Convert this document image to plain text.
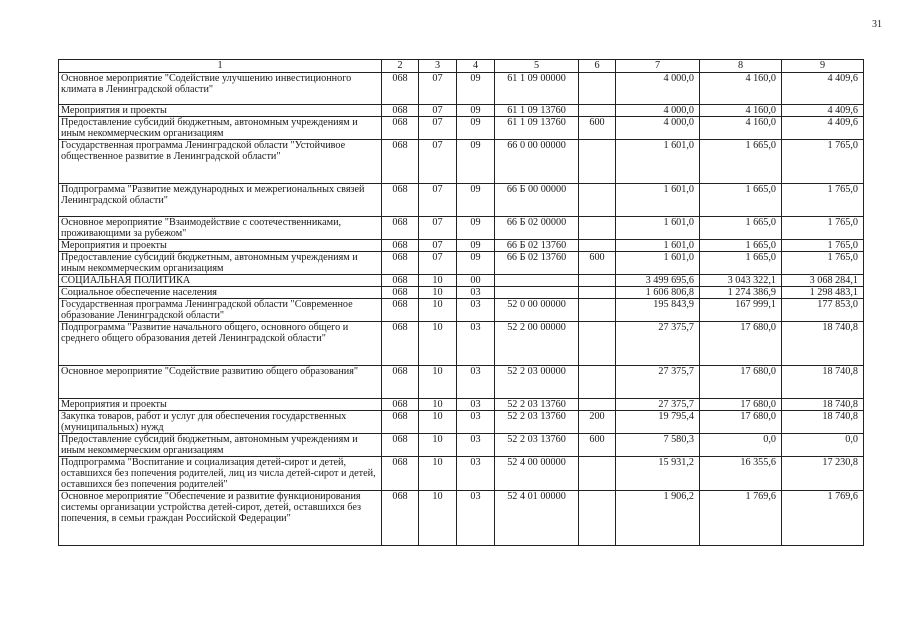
31
1	2	3	4	5	6	7	8	9
Основное мероприятие "Содействие улучшению инвестиционного климата в Ленинградской области"	068	07	09	61 1 09 00000		4 000,0	4 160,0	4 409,6
Мероприятия и проекты	068	07	09	61 1 09 13760		4 000,0	4 160,0	4 409,6
Предоставление субсидий бюджетным, автономным учреждениям и иным некоммерческим организациям	068	07	09	61 1 09 13760	600	4 000,0	4 160,0	4 409,6
Государственная программа Ленинградской области "Устойчивое общественное развитие в Ленинградской области"	068	07	09	66 0 00 00000		1 601,0	1 665,0	1 765,0
Подпрограмма "Развитие международных и межрегиональных связей Ленинградской области"	068	07	09	66 Б 00 00000		1 601,0	1 665,0	1 765,0
Основное мероприятие "Взаимодействие с соотечественниками, проживающими за рубежом"	068	07	09	66 Б 02 00000		1 601,0	1 665,0	1 765,0
Мероприятия и проекты	068	07	09	66 Б 02 13760		1 601,0	1 665,0	1 765,0
Предоставление субсидий бюджетным, автономным учреждениям и иным некоммерческим организациям	068	07	09	66 Б 02 13760	600	1 601,0	1 665,0	1 765,0
СОЦИАЛЬНАЯ ПОЛИТИКА	068	10	00			3 499 695,6	3 043 322,1	3 068 284,1
Социальное обеспечение населения	068	10	03			1 606 806,8	1 274 386,9	1 298 483,1
Государственная программа Ленинградской области "Современное образование Ленинградской области"	068	10	03	52 0 00 00000		195 843,9	167 999,1	177 853,0
Подпрограмма "Развитие начального общего, основного общего и среднего общего образования детей Ленинградской области"	068	10	03	52 2 00 00000		27 375,7	17 680,0	18 740,8
Основное мероприятие "Содействие развитию общего образования"	068	10	03	52 2 03 00000		27 375,7	17 680,0	18 740,8
Мероприятия и проекты	068	10	03	52 2 03 13760		27 375,7	17 680,0	18 740,8
Закупка товаров, работ и услуг для обеспечения государственных (муниципальных) нужд	068	10	03	52 2 03 13760	200	19 795,4	17 680,0	18 740,8
Предоставление субсидий бюджетным, автономным учреждениям и иным некоммерческим организациям	068	10	03	52 2 03 13760	600	7 580,3	0,0	0,0
Подпрограмма "Воспитание и социализация детей-сирот и детей, оставшихся без попечения родителей, лиц из числа детей-сирот и детей, оставшихся без попечения родителей"	068	10	03	52 4 00 00000		15 931,2	16 355,6	17 230,8
Основное мероприятие "Обеспечение и развитие функционирования системы организации устройства детей-сирот, детей, оставшихся без попечения, в семьи граждан Российской Федерации"	068	10	03	52 4 01 00000		1 906,2	1 769,6	1 769,6
